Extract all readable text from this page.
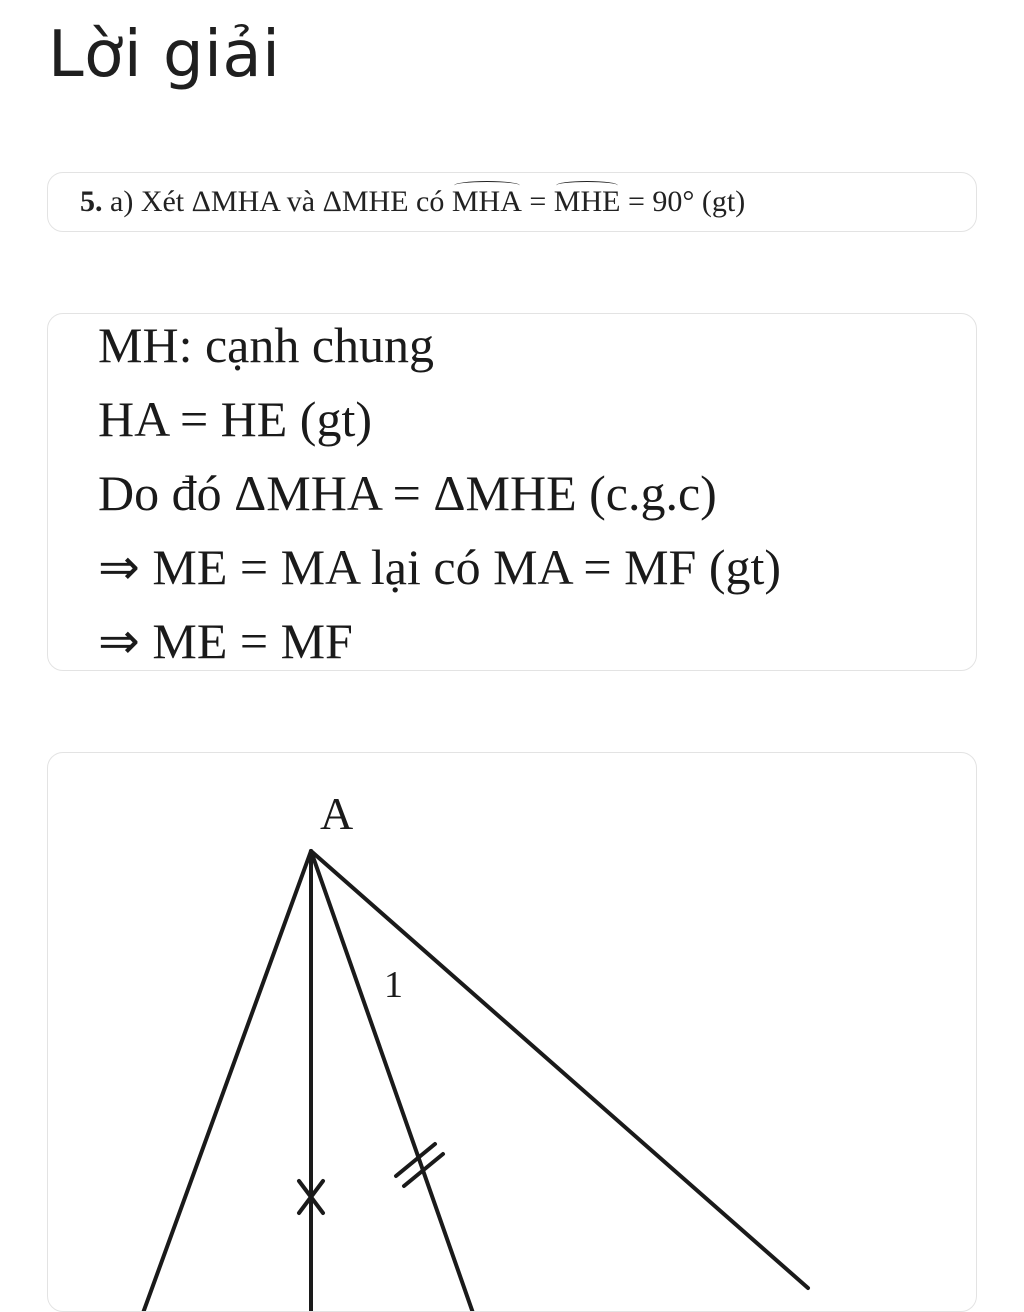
Lời giải
5. a) Xét ΔMHA và ΔMHE có MHA = MHE = 90° (gt)
MH: cạnh chung
HA = HE (gt)
Do đó ΔMHA = ΔMHE (c.g.c)
⇒ ME = MA lại có MA = MF (gt)
⇒ ME = MF
A
1
